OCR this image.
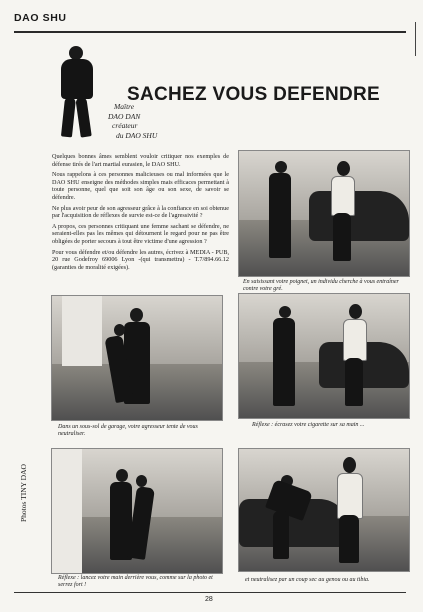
DAO SHU
SACHEZ VOUS DEFENDRE
Maître
DAO DAN
créateur
du DAO SHU

Quelques bonnes âmes semblent vouloir critiquer nos exemples de défense tirés de l'art martial eurasien, le DAO SHU.

Nous rappelons à ces personnes malicieuses ou mal informées que le DAO SHU enseigne des méthodes simples mais efficaces permettant à toute personne, quel que soit son âge ou son sexe, de savoir se défendre.

Ne plus avoir peur de son agresseur grâce à la confiance en soi obtenue par l'acquisition de réflexes de survie est-ce de l'agressivité ?

A propos, ces personnes critiquant une femme sachant se défendre, ne seraient-elles pas les mêmes qui détournent le regard pour ne pas être obligées de porter secours à tout être victime d'une agression ?

Pour vous défendre et/ou défendre les autres, écrivez à MEDIA - PUB, 20 rue Godefroy 69006 Lyon -(qui transmettra) - T.7/894.66.12 (garanties de moralité exigées).

En saisissant votre poignet, un individu cherche à vous entraîner contre votre gré.
Dans un sous-sol de garage, votre agresseur tente de vous neutraliser.
Réflexe : écrasez votre cigarette sur sa main ...
Réflexe : lancez votre main derrière vous, comme sur la photo et serrez fort !
et neutralisez par un coup sec au genou ou au tibia.
Photos TINY DAO
28
